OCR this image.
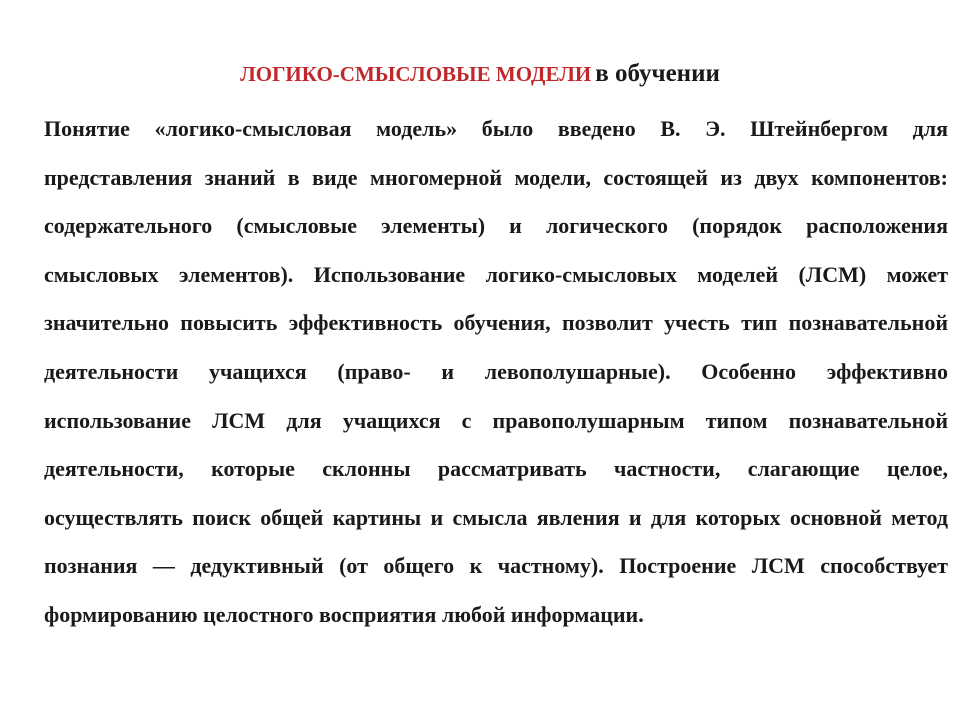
ЛОГИКО-СМЫСЛОВЫЕ МОДЕЛИ в обучении

Понятие «логико-смысловая модель» было введено В. Э. Штейнбергом для представления знаний в виде многомерной модели, состоящей из двух компонентов: содержательного (смысловые элементы) и логического (порядок расположения смысловых элементов). Использование логико-смысловых моделей (ЛСМ) может значительно повысить эффективность обучения, позволит учесть тип познавательной деятельности учащихся (право- и левополушарные). Особенно эффективно использование ЛСМ для учащихся с правополушарным типом познавательной деятельности, которые склонны рассматривать частности, слагающие целое, осуществлять поиск общей картины и смысла явления и для которых основной метод познания — дедуктивный (от общего к частному). Построение ЛСМ способствует формированию целостного восприятия любой информации.
